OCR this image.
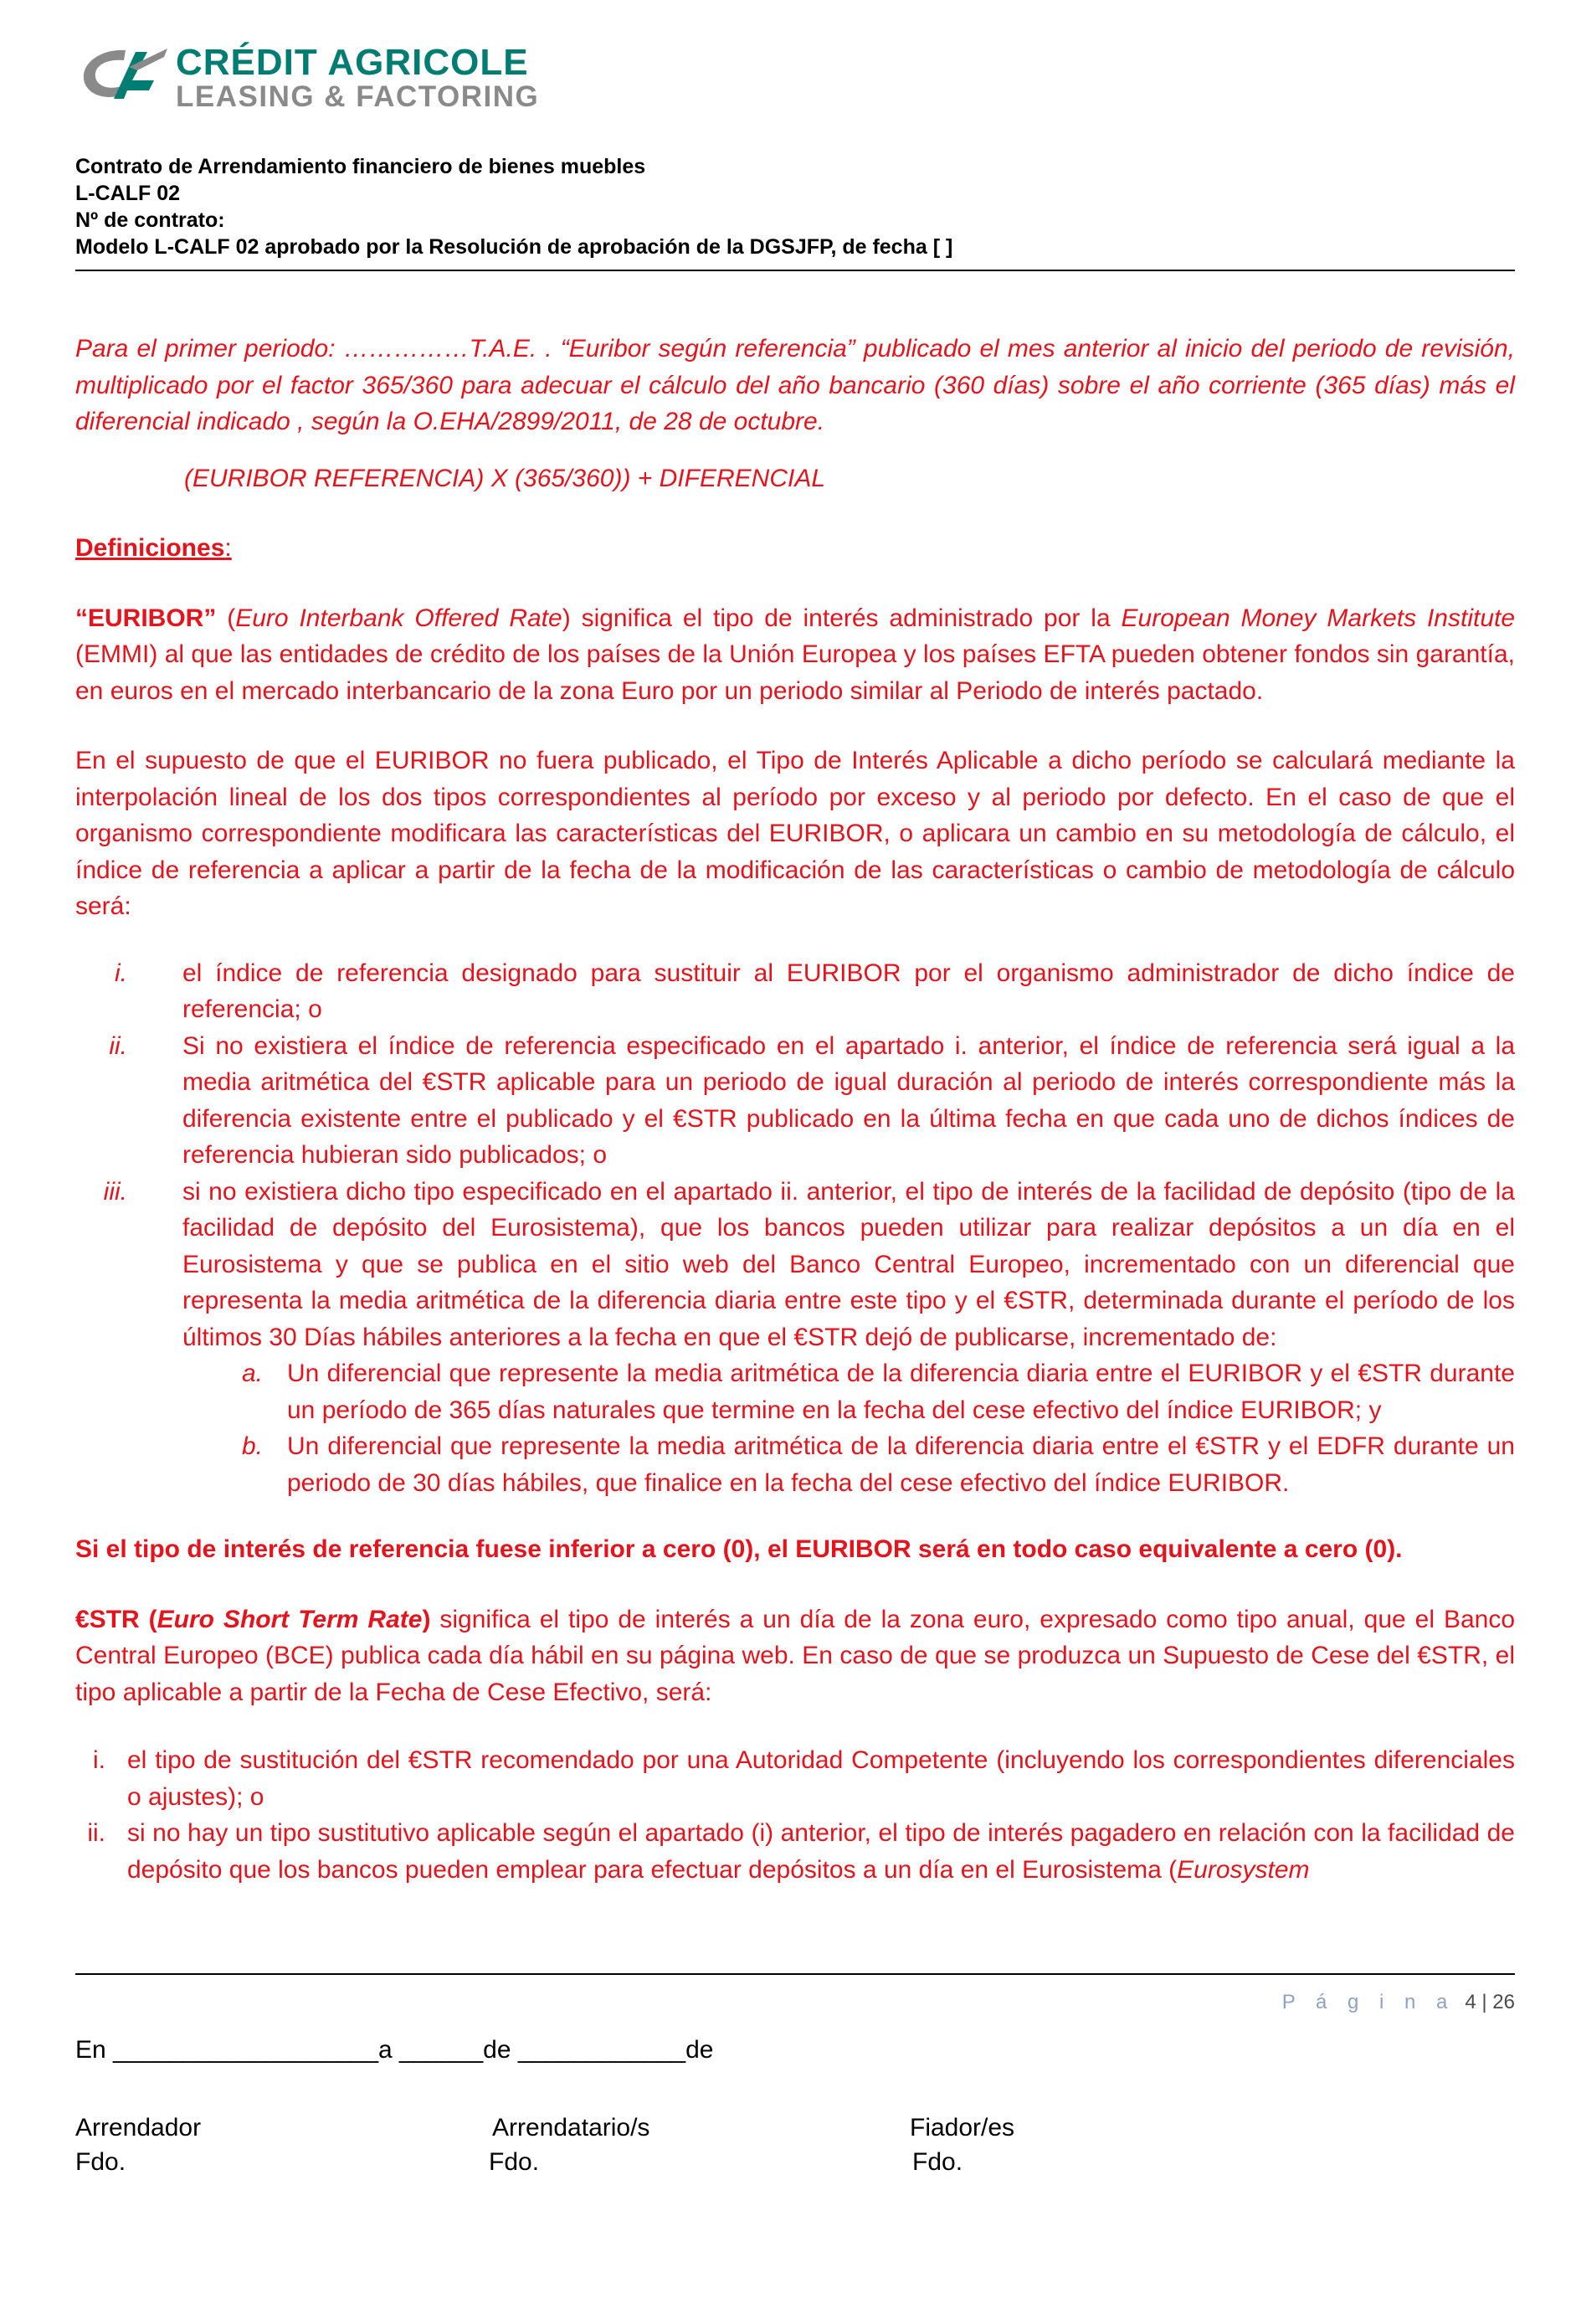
CRÉDIT AGRICOLE
LEASING & FACTORING
Contrato de Arrendamiento financiero de bienes muebles
L-CALF 02
Nº de contrato:
Modelo L-CALF 02 aprobado por la Resolución de aprobación de la DGSJFP, de fecha [ ]

Para el primer periodo: ……………T.A.E. . “Euribor según referencia” publicado el mes anterior al inicio del periodo de revisión, multiplicado por el factor 365/360 para adecuar el cálculo del año bancario (360 días) sobre el año corriente (365 días) más el diferencial indicado , según la O.EHA/2899/2011, de 28 de octubre.

(EURIBOR REFERENCIA) X (365/360)) + DIFERENCIAL
Definiciones:

“EURIBOR” (Euro Interbank Offered Rate) significa el tipo de interés administrado por la European Money Markets Institute (EMMI) al que las entidades de crédito de los países de la Unión Europea y los países EFTA pueden obtener fondos sin garantía, en euros en el mercado interbancario de la zona Euro por un periodo similar al Periodo de interés pactado.

En el supuesto de que el EURIBOR no fuera publicado, el Tipo de Interés Aplicable a dicho período se calculará mediante la interpolación lineal de los dos tipos correspondientes al período por exceso y al periodo por defecto. En el caso de que el organismo correspondiente modificara las características del EURIBOR, o aplicara un cambio en su metodología de cálculo, el índice de referencia a aplicar a partir de la fecha de la modificación de las características o cambio de metodología de cálculo será:

i. el índice de referencia designado para sustituir al EURIBOR por el organismo administrador de dicho índice de referencia; o
ii. Si no existiera el índice de referencia especificado en el apartado i. anterior, el índice de referencia será igual a la media aritmética del €STR aplicable para un periodo de igual duración al periodo de interés correspondiente más la diferencia existente entre el publicado y el €STR publicado en la última fecha en que cada uno de dichos índices de referencia hubieran sido publicados; o
iii. si no existiera dicho tipo especificado en el apartado ii. anterior, el tipo de interés de la facilidad de depósito (tipo de la facilidad de depósito del Eurosistema), que los bancos pueden utilizar para realizar depósitos a un día en el Eurosistema y que se publica en el sitio web del Banco Central Europeo, incrementado con un diferencial que representa la media aritmética de la diferencia diaria entre este tipo y el €STR, determinada durante el período de los últimos 30 Días hábiles anteriores a la fecha en que el €STR dejó de publicarse, incrementado de:
a. Un diferencial que represente la media aritmética de la diferencia diaria entre el EURIBOR y el €STR durante un período de 365 días naturales que termine en la fecha del cese efectivo del índice EURIBOR; y
b. Un diferencial que represente la media aritmética de la diferencia diaria entre el €STR y el EDFR durante un periodo de 30 días hábiles, que finalice en la fecha del cese efectivo del índice EURIBOR.
Si el tipo de interés de referencia fuese inferior a cero (0), el EURIBOR será en todo caso equivalente a cero (0).

€STR (Euro Short Term Rate) significa el tipo de interés a un día de la zona euro, expresado como tipo anual, que el Banco Central Europeo (BCE) publica cada día hábil en su página web. En caso de que se produzca un Supuesto de Cese del €STR, el tipo aplicable a partir de la Fecha de Cese Efectivo, será:

i. el tipo de sustitución del €STR recomendado por una Autoridad Competente (incluyendo los correspondientes diferenciales o ajustes); o
ii. si no hay un tipo sustitutivo aplicable según el apartado (i) anterior, el tipo de interés pagadero en relación con la facilidad de depósito que los bancos pueden emplear para efectuar depósitos a un día en el Eurosistema (Eurosystem
P á g i n a 4 | 26
En ___________________a ______de ____________de
Arrendador	Arrendatario/s	Fiador/es
Fdo.	Fdo.	Fdo.
